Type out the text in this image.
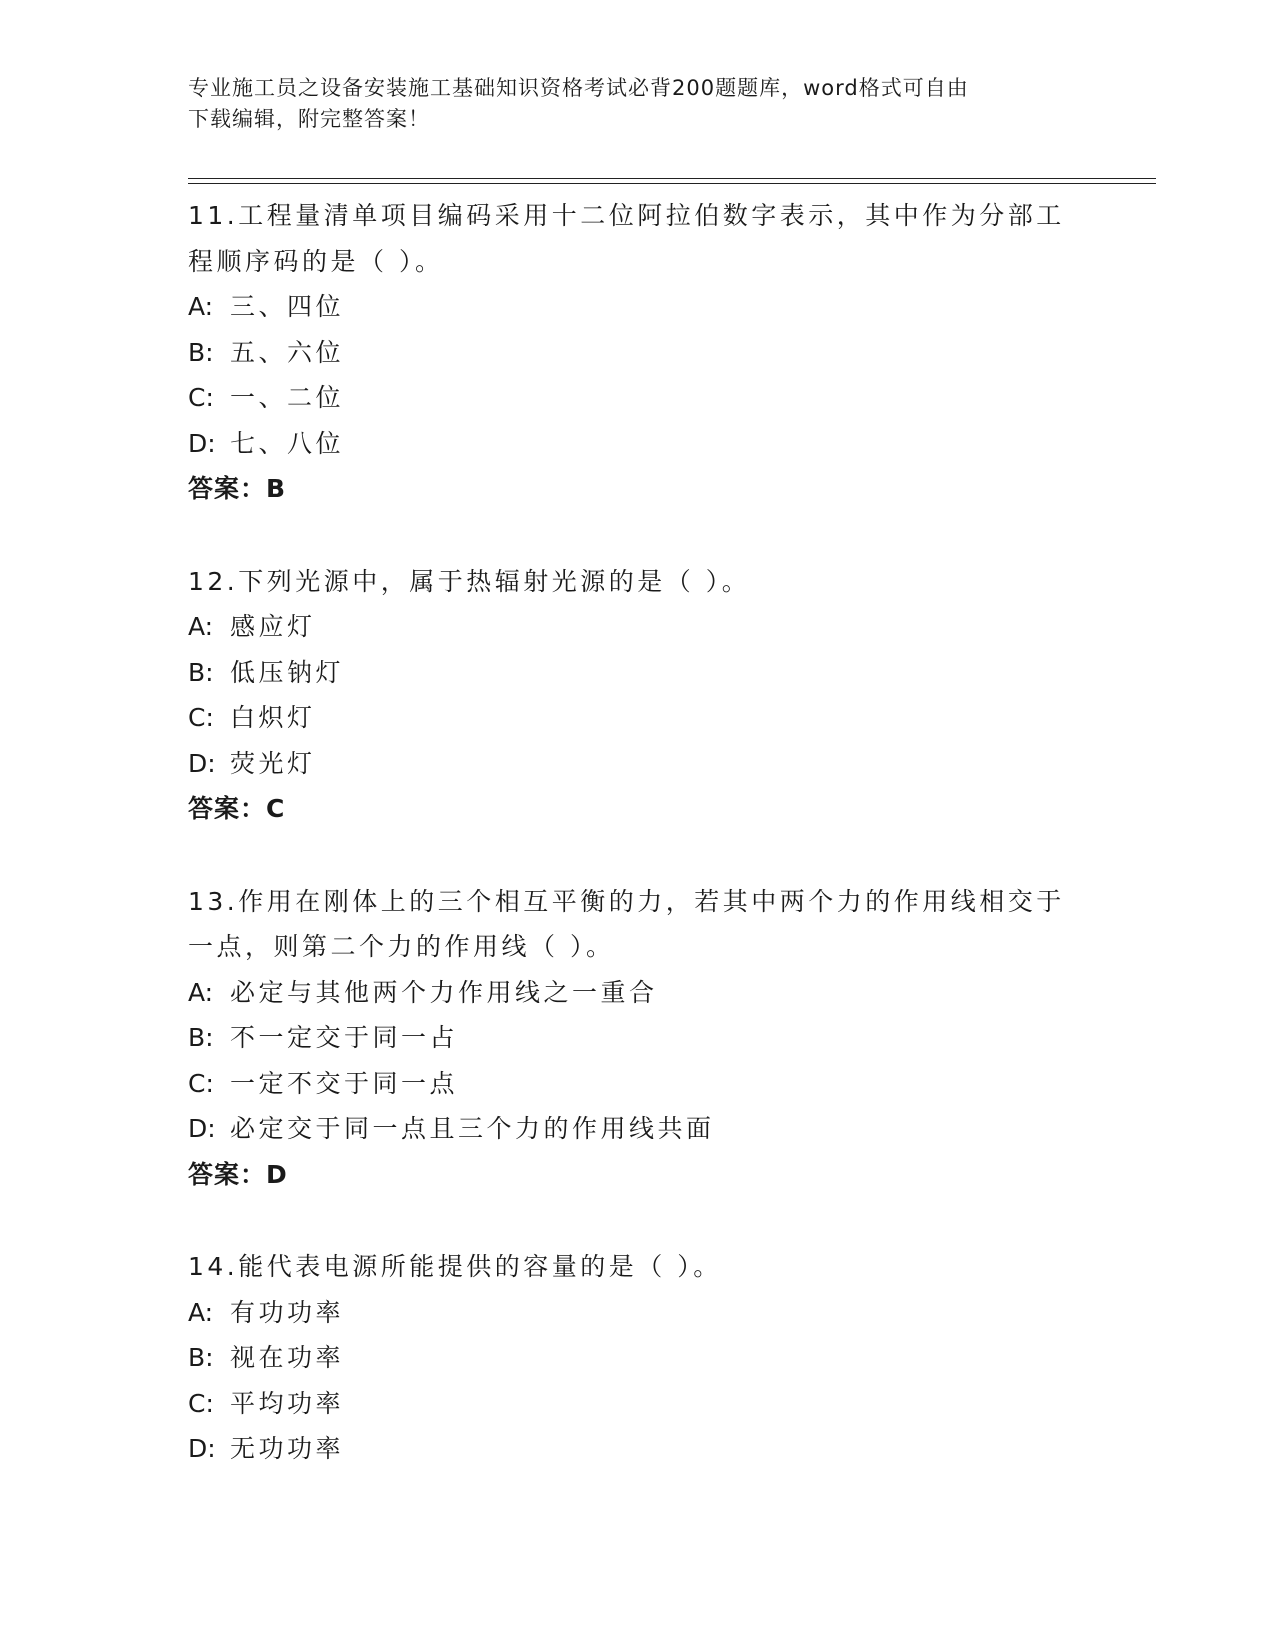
专业施工员之设备安装施工基础知识资格考试必背200题题库，word格式可自由

下载编辑，附完整答案！

11.工程量清单项目编码采用十二位阿拉伯数字表示，其中作为分部工
程顺序码的是（ ）。
A: 三、四位
B: 五、六位
C: 一、二位
D: 七、八位
答案：B
12.下列光源中，属于热辐射光源的是（ ）。
A: 感应灯
B: 低压钠灯
C: 白炽灯
D: 荧光灯
答案：C
13.作用在刚体上的三个相互平衡的力，若其中两个力的作用线相交于
一点，则第二个力的作用线（ ）。
A: 必定与其他两个力作用线之一重合
B: 不一定交于同一占
C: 一定不交于同一点
D: 必定交于同一点且三个力的作用线共面
答案：D
14.能代表电源所能提供的容量的是（ ）。
A: 有功功率
B: 视在功率
C: 平均功率
D: 无功功率
